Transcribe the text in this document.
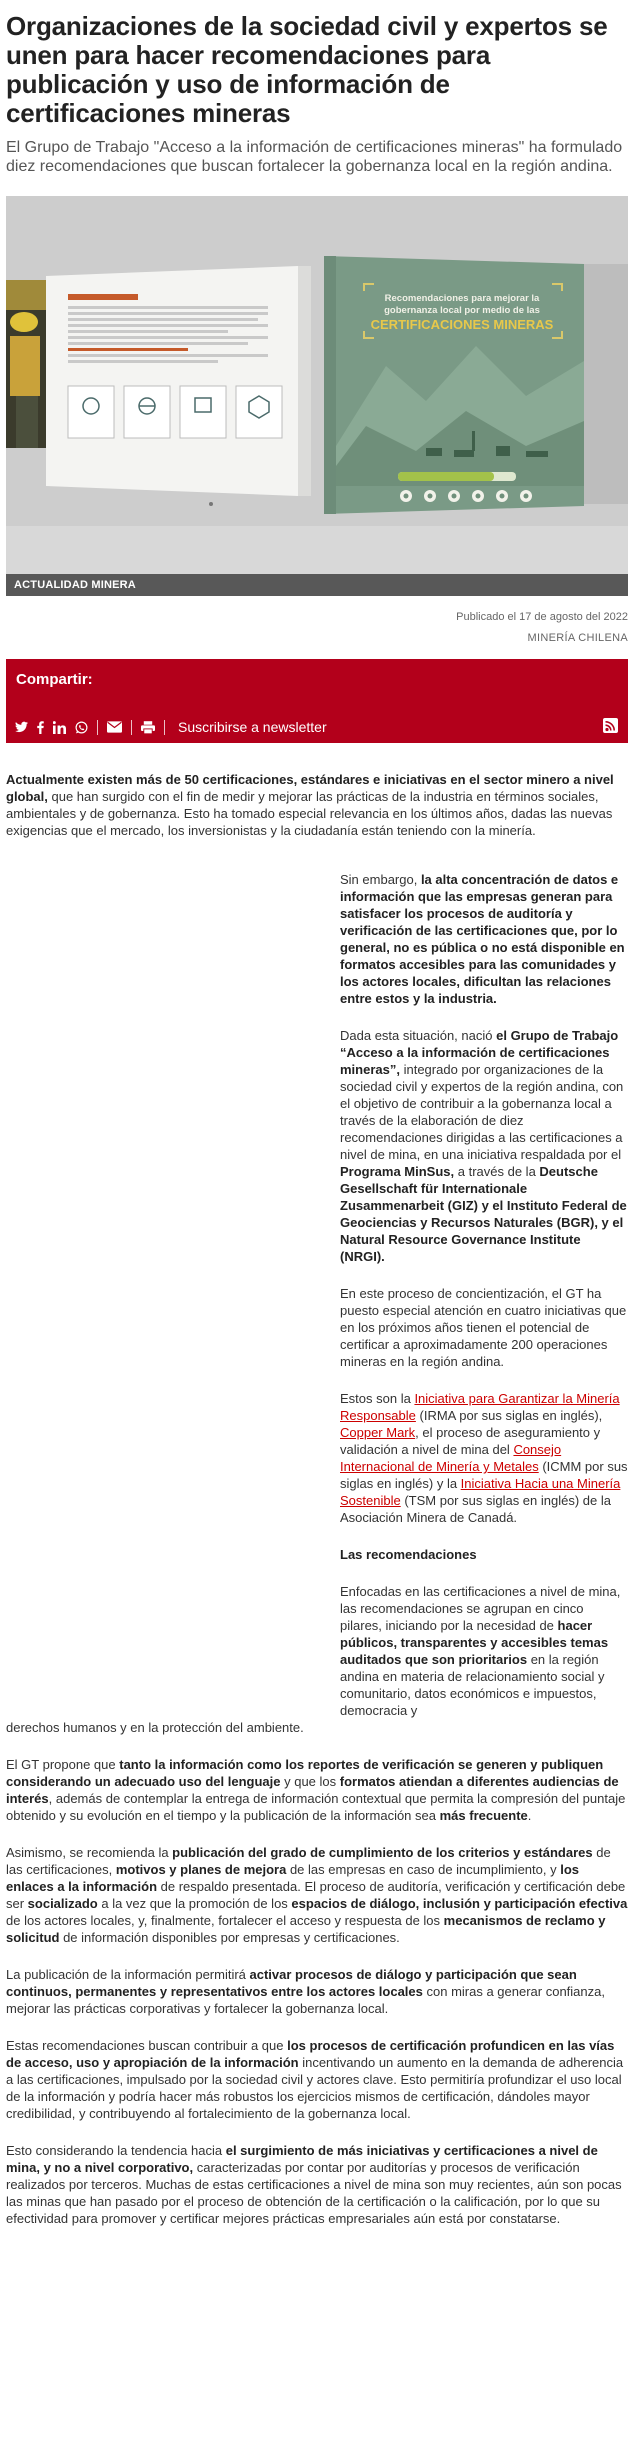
Organizaciones de la sociedad civil y expertos se unen para hacer recomendaciones para publicación y uso de información de certificaciones mineras

El Grupo de Trabajo "Acceso a la información de certificaciones mineras" ha formulado diez recomendaciones que buscan fortalecer la gobernanza local en la región andina.

Recomendaciones para mejorar la
gobernanza local por medio de las
CERTIFICACIONES MINERAS
ACTUALIDAD MINERA
Publicado el 17 de agosto del 2022
MINERÍA CHILENA
Compartir:
Suscribirse a newsletter

Actualmente existen más de 50 certificaciones, estándares e iniciativas en el sector minero a nivel global, que han surgido con el fin de medir y mejorar las prácticas de la industria en términos sociales, ambientales y de gobernanza. Esto ha tomado especial relevancia en los últimos años, dadas las nuevas exigencias que el mercado, los inversionistas y la ciudadanía están teniendo con la minería.

Sin embargo, la alta concentración de datos e información que las empresas generan para satisfacer los procesos de auditoría y verificación de las certificaciones que, por lo general, no es pública o no está disponible en formatos accesibles para las comunidades y los actores locales, dificultan las relaciones entre estos y la industria.

Dada esta situación, nació el Grupo de Trabajo “Acceso a la información de certificaciones mineras”, integrado por organizaciones de la sociedad civil y expertos de la región andina, con el objetivo de contribuir a la gobernanza local a través de la elaboración de diez recomendaciones dirigidas a las certificaciones a nivel de mina, en una iniciativa respaldada por el Programa MinSus, a través de la Deutsche Gesellschaft für Internationale Zusammenarbeit (GIZ) y el Instituto Federal de Geociencias y Recursos Naturales (BGR), y el Natural Resource Governance Institute (NRGI).

En este proceso de concientización, el GT ha puesto especial atención en cuatro iniciativas que en los próximos años tienen el potencial de certificar a aproximadamente 200 operaciones mineras en la región andina.

Estos son la Iniciativa para Garantizar la Minería Responsable (IRMA por sus siglas en inglés), Copper Mark, el proceso de aseguramiento y validación a nivel de mina del Consejo Internacional de Minería y Metales (ICMM por sus siglas en inglés) y la Iniciativa Hacia una Minería Sostenible (TSM por sus siglas en inglés) de la Asociación Minera de Canadá.

Las recomendaciones

Enfocadas en las certificaciones a nivel de mina, las recomendaciones se agrupan en cinco pilares, iniciando por la necesidad de hacer públicos, transparentes y accesibles temas auditados que son prioritarios en la región andina en materia de relacionamiento social y comunitario, datos económicos e impuestos, democracia y

derechos humanos y en la protección del ambiente.

El GT propone que tanto la información como los reportes de verificación se generen y publiquen considerando un adecuado uso del lenguaje y que los formatos atiendan a diferentes audiencias de interés, además de contemplar la entrega de información contextual que permita la compresión del puntaje obtenido y su evolución en el tiempo y la publicación de la información sea más frecuente.

Asimismo, se recomienda la publicación del grado de cumplimiento de los criterios y estándares de las certificaciones, motivos y planes de mejora de las empresas en caso de incumplimiento, y los enlaces a la información de respaldo presentada. El proceso de auditoría, verificación y certificación debe ser socializado a la vez que la promoción de los espacios de diálogo, inclusión y participación efectiva de los actores locales, y, finalmente, fortalecer el acceso y respuesta de los mecanismos de reclamo y solicitud de información disponibles por empresas y certificaciones.

La publicación de la información permitirá activar procesos de diálogo y participación que sean continuos, permanentes y representativos entre los actores locales con miras a generar confianza, mejorar las prácticas corporativas y fortalecer la gobernanza local.

Estas recomendaciones buscan contribuir a que los procesos de certificación profundicen en las vías de acceso, uso y apropiación de la información incentivando un aumento en la demanda de adherencia a las certificaciones, impulsado por la sociedad civil y actores clave. Esto permitiría profundizar el uso local de la información y podría hacer más robustos los ejercicios mismos de certificación, dándoles mayor credibilidad, y contribuyendo al fortalecimiento de la gobernanza local.

Esto considerando la tendencia hacia el surgimiento de más iniciativas y certificaciones a nivel de mina, y no a nivel corporativo, caracterizadas por contar por auditorías y procesos de verificación realizados por terceros. Muchas de estas certificaciones a nivel de mina son muy recientes, aún son pocas las minas que han pasado por el proceso de obtención de la certificación o la calificación, por lo que su efectividad para promover y certificar mejores prácticas empresariales aún está por constatarse.
